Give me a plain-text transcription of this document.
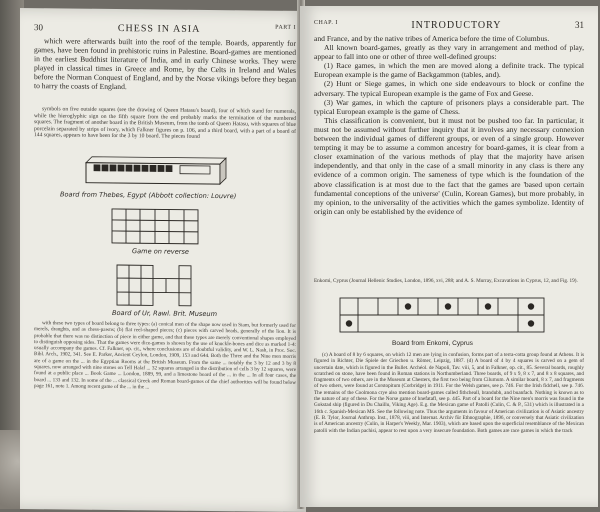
30	CHESS IN ASIA	PART I

which were afterwards built into the roof of the temple. Boards, apparently for games, have been found in prehistoric ruins in Palestine. Board-games are mentioned in the earliest Buddhist literature of India, and in early Chinese works. They were played in classical times in Greece and Rome, by the Celts in Ireland and Wales before the Norman Conquest of England, and by the Norse vikings before they began to harry the coasts of England.

symbols on five outside squares (see the drawing of Queen Hatasu's board), four of which stand for numerals, while the hieroglyphic sign on the fifth square from the end probably marks the termination of the numbered squares. The fragment of another board in the British Museum, from the tomb of Queen Hatasu, with squares of blue porcelain separated by strips of ivory, which Falkner figures on p. 106, and a third board, with a part of a board of 144 squares, appears to have been for the 3 by 10 board. The pieces found

Board from Thebes, Egypt (Abbott collection: Louvre)
Game on reverse
Board of Ur, Rawl. Brit. Museum

with these two types of board belong to three types: (a) conical men of the shape now used in Siam, but formerly used for merels, draughts, and as chess-pawns; (b) flat reel-shaped pieces; (c) pieces with carved heads, generally of the lion. It is probable that there was no distinction of piece in either game, and that these types are merely conventional shapes employed to distinguish opposing sides. That the games were dice-games is shown by the use of knuckle-bones and dice as marked 1-4: usually accompany the games. Cf. Falkner, op. cit., where conclusions are of doubtful validity, and W. L. Nash, in Proc. Soc. Bibl. Arch., 1902, 341. See E. Parker, Ancient Ceylon, London, 1909, 153 and 644. Both the Three and the Nine men morris are of a game on the ... in the Egyptian Rooms at the British Museum. From the same ... notably the 3 by 12 and 3 by 8 squares, now arranged with nine stones on Tell Halaf ... 32 squares arranged in the distribution of cells 3 by 12 squares, were found at a public place ... Book Game ... London, 1889, 99, and a limestone board of the ... in the ... In all four cases, the board ... 133 and 132. In some of the ... classical Greek and Roman board-games of the chief authorities will be found below page 161, note 1. Among recent game of the ... in the ...

CHAP. I	INTRODUCTORY	31

and France, and by the native tribes of America before the time of Columbus.

All known board-games, greatly as they vary in arrangement and method of play, appear to fall into one or other of three well-defined groups:

(1) Race games, in which the men are moved along a definite track. The typical European example is the game of Backgammon (tables, and).

(2) Hunt or Siege games, in which one side endeavours to block or confine the adversary. The typical European example is the game of Fox and Geese.

(3) War games, in which the capture of prisoners plays a considerable part. The typical European example is the game of Chess.

This classification is convenient, but it must not be pushed too far. In particular, it must not be assumed without further inquiry that it involves any necessary connexion between the individual games of different groups, or even of a single group. However tempting it may be to assume a common ancestry for board-games, it is clear from a closer examination of the various methods of play that the majority have arisen independently, and that only in the case of a small minority in any class is there any evidence of a common origin. The sameness of type which is the foundation of the above classification is at most due to the fact that the games are 'based upon certain fundamental conceptions of the universe' (Culin, Korean Games), but more probably, in my opinion, to the universality of the activities which the games symbolize. Identity of origin can only be established by the evidence of

Enkomi, Cyprus (Journal Hellenic Studies, London, 1896, xvi, 288; and A. S. Murray, Excavations in Cyprus, 12, and Fig. 19).

Board from Enkomi, Cyprus

(c) A board of 8 by 6 squares, on which 12 men are lying in confusion, forms part of a terra-cotta group found at Athens. It is figured in Richter, Die Spiele der Griechen u. Römer, Leipzig, 1887. (d) A board of 4 by 4 squares is carved on a gem of uncertain date, which is figured in the Bullet. Archéol. de Napoli, Tav. viii, 5, and in Falkner, op. cit., 85. Several boards, roughly scratched on stone, have been found in Roman stations in Northumberland. Three boards, of 9 x 9, 8 x 7, and 8 x 8 squares, and fragments of two others, are in the Museum at Chesters, the first two being from Cilurnum. A similar board, 8 x 7, and fragments of two others, were found at Corstopitum (Corbridge) in 1911. For the Welsh games, see p. 746. For the Irish fidchell, see p. 746. The remains of the Coolmona crye also mention board-games called fithcheall, brandubh, and buanfach. Nothing is known as to the nature of any of these. For the Norse game of hnefatafl, see p. 445. Part of a board for the Nine men's morris was found in the Gokstad ship (figured in Du Chaillu, Viking Age). E.g. the Mexican game of Patolli (Culin, C. & P., 531) which is illustrated in a 16th c. Spanish-Mexican MS. See the following note. Thus the arguments in favour of American civilization is of Asiatic ancestry (E. B. Tylor, Journal Anthrop. Inst., 1878, viii, and Internat. Archiv für Ethnographie, 1896, or conversely that Asiatic civilization is of American ancestry (Culin, in Harper's Weekly, Mar. 1903), which are based upon the superficial resemblance of the Mexican patolli with the Indian pachisi, appear to rest upon a very insecure foundation. Both games are race games in which the track
